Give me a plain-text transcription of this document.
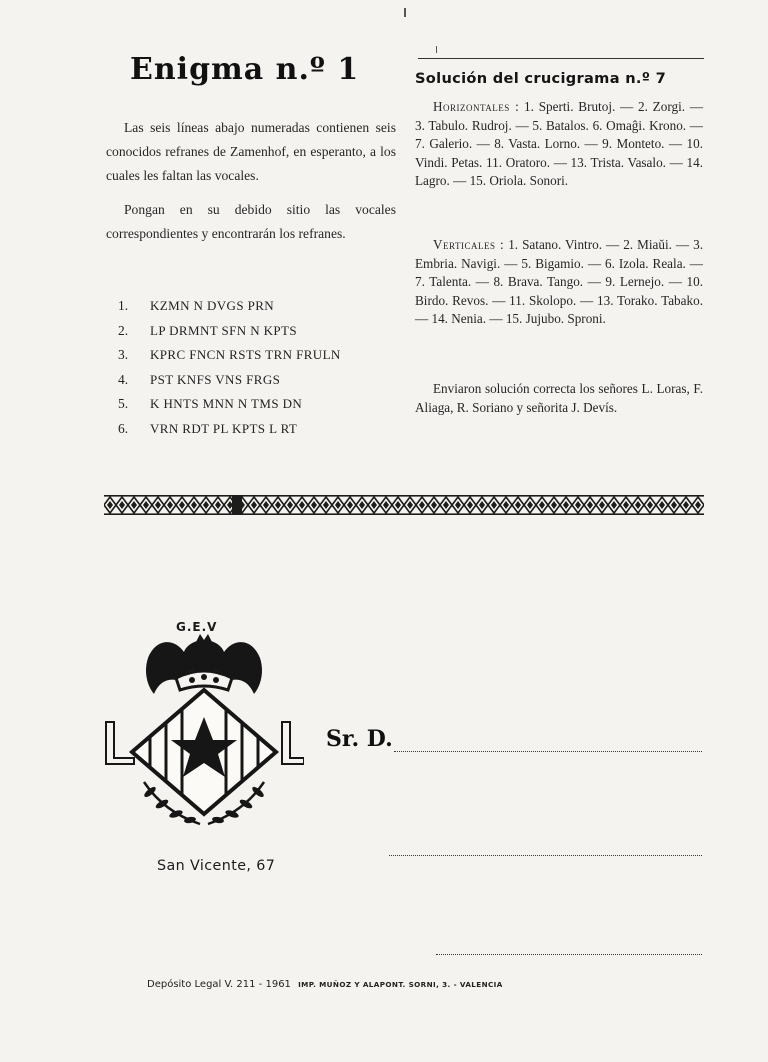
Enigma n.º 1

Las seis líneas abajo numeradas contienen seis conocidos refranes de Zamenhof, en esperanto, a los cuales les faltan las vocales.

Pongan en su debido sitio las vocales correspondientes y encontrarán los refranes.

1. KZMN N DVGS PRN
2. LP DRMNT SFN N KPTS
3. KPRC FNCN RSTS TRN FRULN
4. PST KNFS VNS FRGS
5. K HNTS MNN N TMS DN
6. VRN RDT PL KPTS L RT
Solución del crucigrama n.º 7
Horizontales : 1. Sperti. Brutoj. — 2. Zorgi. — 3. Tabulo. Rudroj. — 5. Batalos. 6. Omaĝi. Krono. — 7. Galerio. — 8. Vasta. Lorno. — 9. Monteto. — 10. Vindi. Petas. 11. Oratoro. — 13. Trista. Vasalo. — 14. Lagro. — 15. Oriola. Sonori.
Verticales : 1. Satano. Vintro. — 2. Miaŭi. — 3. Embria. Navigi. — 5. Bigamio. — 6. Izola. Reala. — 7. Talenta. — 8. Brava. Tango. — 9. Lernejo. — 10. Birdo. Revos. — 11. Skolopo. — 13. Torako. Tabako. — 14. Nenia. — 15. Jujubo. Sproni.
Enviaron solución correcta los señores L. Loras, F. Aliaga, R. Soriano y señorita J. Devís.
G.E.V
San Vicente, 67
Sr. D.
Depósito Legal V. 211 - 1961 IMP. MUÑOZ Y ALAPONT. SORNI, 3. - VALENCIA
